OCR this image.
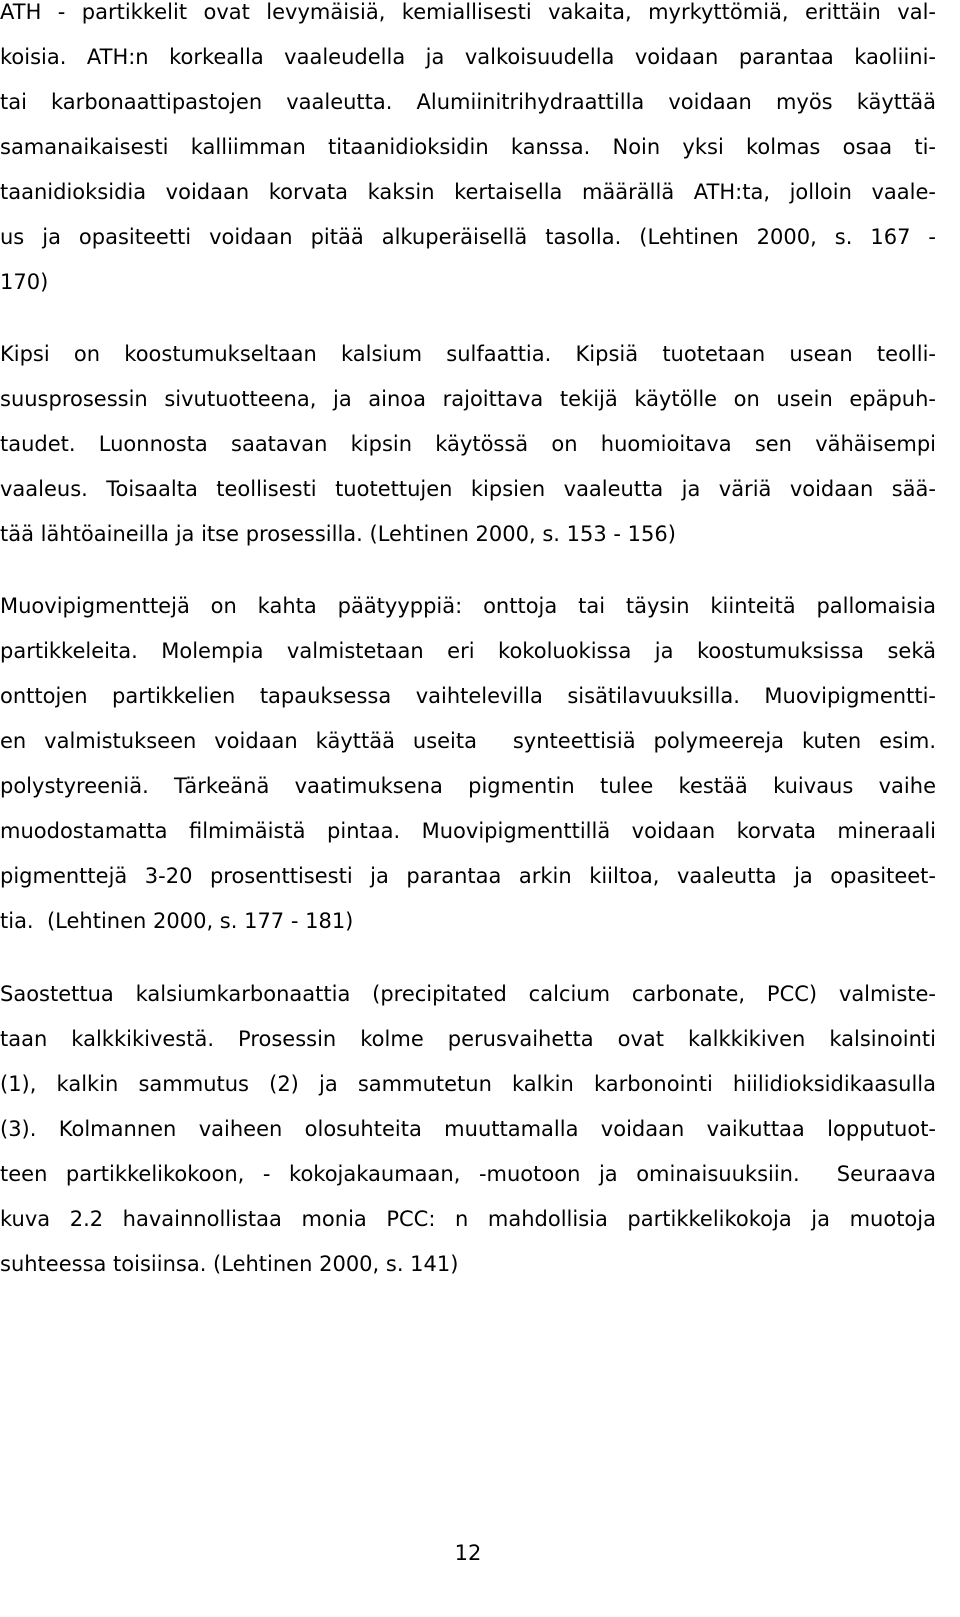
ATH - partikkelit ovat levymäisiä, kemiallisesti vakaita, myrkyttömiä, erittäin val-
koisia. ATH:n korkealla vaaleudella ja valkoisuudella voidaan parantaa kaoliini-
tai karbonaattipastojen vaaleutta. Alumiinitrihydraattilla voidaan myös käyttää
samanaikaisesti kalliimman titaanidioksidin kanssa. Noin yksi kolmas osaa ti-
taanidioksidia voidaan korvata kaksin kertaisella määrällä ATH:ta, jolloin vaale-
us ja opasiteetti voidaan pitää alkuperäisellä tasolla. (Lehtinen 2000, s. 167 -
170)
Kipsi on koostumukseltaan kalsium sulfaattia. Kipsiä tuotetaan usean teolli-
suusprosessin sivutuotteena, ja ainoa rajoittava tekijä käytölle on usein epäpuh-
taudet. Luonnosta saatavan kipsin käytössä on huomioitava sen vähäisempi
vaaleus. Toisaalta teollisesti tuotettujen kipsien vaaleutta ja väriä voidaan sää-
tää lähtöaineilla ja itse prosessilla. (Lehtinen 2000, s. 153 - 156)
Muovipigmenttejä on kahta päätyyppiä: onttoja tai täysin kiinteitä pallomaisia
partikkeleita. Molempia valmistetaan eri kokoluokissa ja koostumuksissa sekä
onttojen partikkelien tapauksessa vaihtelevilla sisätilavuuksilla. Muovipigmentti-
en valmistukseen voidaan käyttää useita  synteettisiä polymeereja kuten esim.
polystyreeniä. Tärkeänä vaatimuksena pigmentin tulee kestää kuivaus vaihe
muodostamatta filmimäistä pintaa. Muovipigmenttillä voidaan korvata mineraali
pigmenttejä 3-20 prosenttisesti ja parantaa arkin kiiltoa, vaaleutta ja opasiteet-
tia.  (Lehtinen 2000, s. 177 - 181)
Saostettua kalsiumkarbonaattia (precipitated calcium carbonate, PCC) valmiste-
taan kalkkikivestä. Prosessin kolme perusvaihetta ovat kalkkikiven kalsinointi
(1), kalkin sammutus (2) ja sammutetun kalkin karbonointi hiilidioksidikaasulla
(3). Kolmannen vaiheen olosuhteita muuttamalla voidaan vaikuttaa lopputuot-
teen partikkelikokoon, - kokojakaumaan, -muotoon ja ominaisuuksiin.  Seuraava
kuva 2.2 havainnollistaa monia PCC: n mahdollisia partikkelikokoja ja muotoja
suhteessa toisiinsa. (Lehtinen 2000, s. 141)
12
